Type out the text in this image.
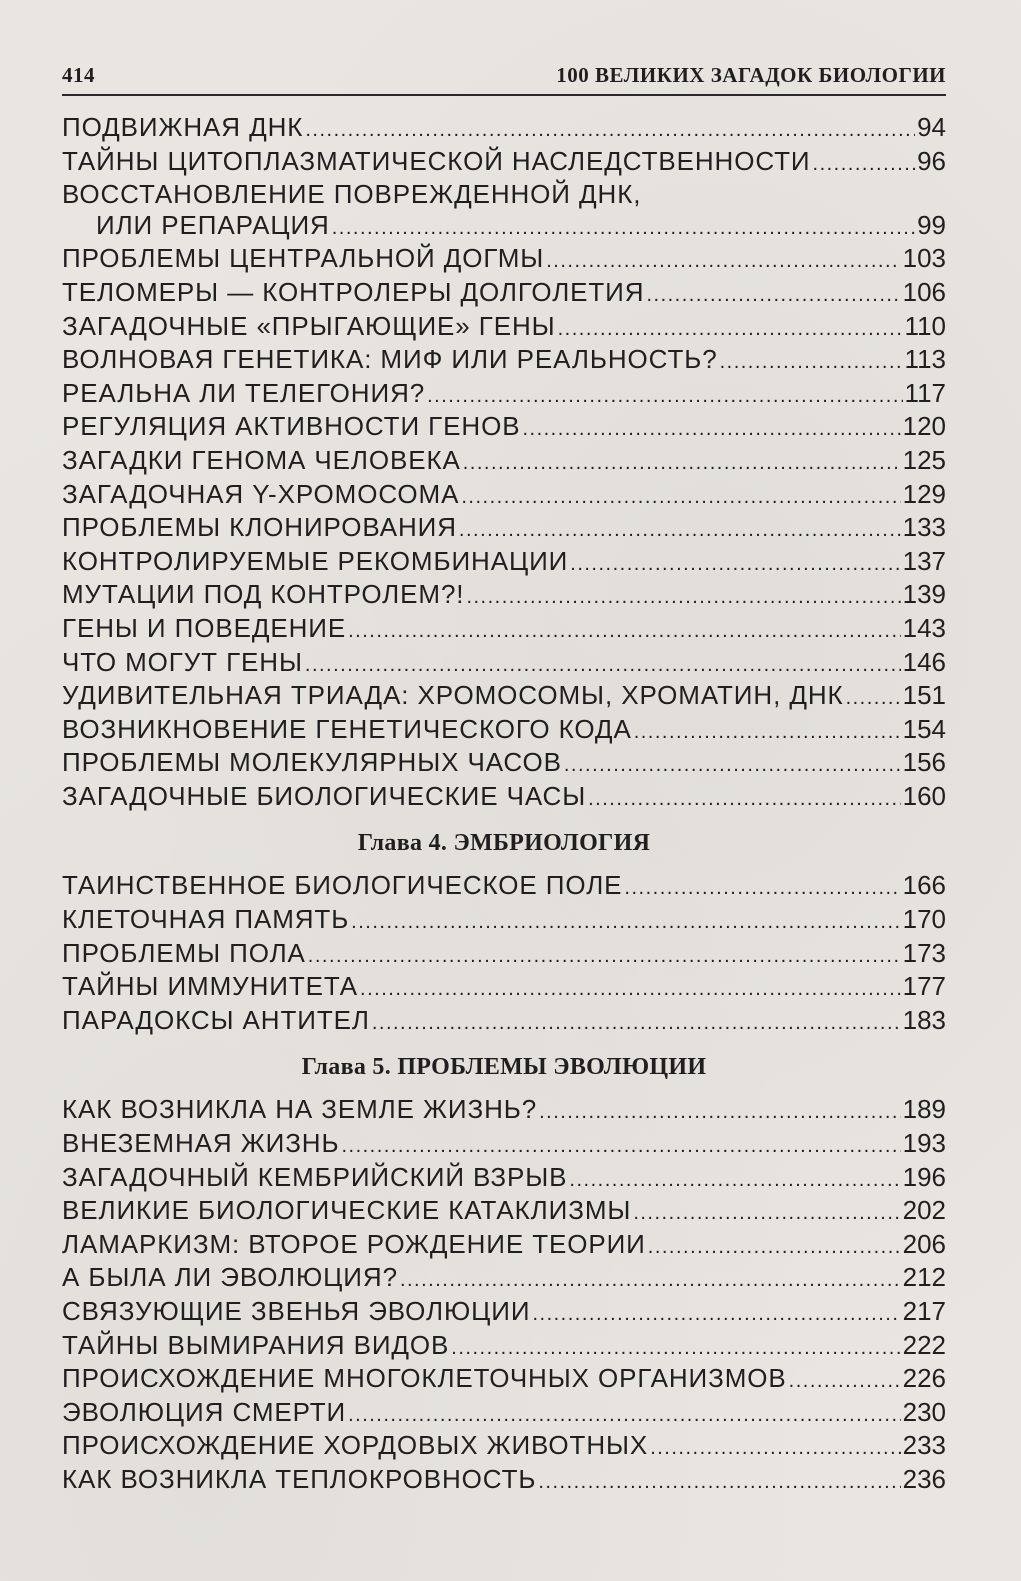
414	100 ВЕЛИКИХ ЗАГАДОК БИОЛОГИИ
ПОДВИЖНАЯ ДНК .....	94
ТАЙНЫ ЦИТОПЛАЗМАТИЧЕСКОЙ НАСЛЕДСТВЕННОСТИ .....	96
ВОССТАНОВЛЕНИЕ ПОВРЕЖДЕННОЙ ДНК,
ИЛИ РЕПАРАЦИЯ .....	99
ПРОБЛЕМЫ ЦЕНТРАЛЬНОЙ ДОГМЫ .....	103
ТЕЛОМЕРЫ — КОНТРОЛЕРЫ ДОЛГОЛЕТИЯ .....	106
ЗАГАДОЧНЫЕ «ПРЫГАЮЩИЕ» ГЕНЫ .....	110
ВОЛНОВАЯ ГЕНЕТИКА: МИФ ИЛИ РЕАЛЬНОСТЬ? .....	113
РЕАЛЬНА ЛИ ТЕЛЕГОНИЯ? .....	117
РЕГУЛЯЦИЯ АКТИВНОСТИ ГЕНОВ .....	120
ЗАГАДКИ ГЕНОМА ЧЕЛОВЕКА .....	125
ЗАГАДОЧНАЯ Y-ХРОМОСОМА .....	129
ПРОБЛЕМЫ КЛОНИРОВАНИЯ .....	133
КОНТРОЛИРУЕМЫЕ РЕКОМБИНАЦИИ .....	137
МУТАЦИИ ПОД КОНТРОЛЕМ?! .....	139
ГЕНЫ И ПОВЕДЕНИЕ .....	143
ЧТО МОГУТ ГЕНЫ .....	146
УДИВИТЕЛЬНАЯ ТРИАДА: ХРОМОСОМЫ, ХРОМАТИН, ДНК ..... 151
ВОЗНИКНОВЕНИЕ ГЕНЕТИЧЕСКОГО КОДА .....	154
ПРОБЛЕМЫ МОЛЕКУЛЯРНЫХ ЧАСОВ .....	156
ЗАГАДОЧНЫЕ БИОЛОГИЧЕСКИЕ ЧАСЫ .....	160
Глава 4. ЭМБРИОЛОГИЯ
ТАИНСТВЕННОЕ БИОЛОГИЧЕСКОЕ ПОЛЕ .....	166
КЛЕТОЧНАЯ ПАМЯТЬ .....	170
ПРОБЛЕМЫ ПОЛА .....	173
ТАЙНЫ ИММУНИТЕТА .....	177
ПАРАДОКСЫ АНТИТЕЛ .....	183
Глава 5. ПРОБЛЕМЫ ЭВОЛЮЦИИ
КАК ВОЗНИКЛА НА ЗЕМЛЕ ЖИЗНЬ? .....	189
ВНЕЗЕМНАЯ ЖИЗНЬ .....	193
ЗАГАДОЧНЫЙ КЕМБРИЙСКИЙ ВЗРЫВ .....	196
ВЕЛИКИЕ БИОЛОГИЧЕСКИЕ КАТАКЛИЗМЫ .....	202
ЛАМАРКИЗМ: ВТОРОЕ РОЖДЕНИЕ ТЕОРИИ .....	206
А БЫЛА ЛИ ЭВОЛЮЦИЯ? .....	212
СВЯЗУЮЩИЕ ЗВЕНЬЯ ЭВОЛЮЦИИ .....	217
ТАЙНЫ ВЫМИРАНИЯ ВИДОВ .....	222
ПРОИСХОЖДЕНИЕ МНОГОКЛЕТОЧНЫХ ОРГАНИЗМОВ .....	226
ЭВОЛЮЦИЯ СМЕРТИ .....	230
ПРОИСХОЖДЕНИЕ ХОРДОВЫХ ЖИВОТНЫХ .....	233
КАК ВОЗНИКЛА ТЕПЛОКРОВНОСТЬ .....	236
